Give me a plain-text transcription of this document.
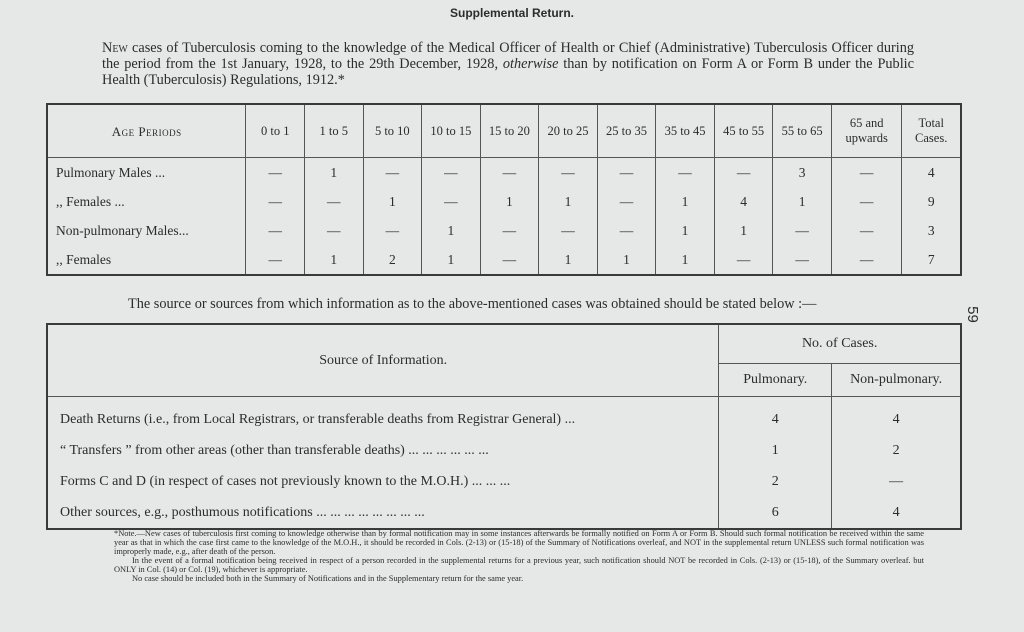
Supplemental Return.
New cases of Tuberculosis coming to the knowledge of the Medical Officer of Health or Chief (Administrative) Tuberculosis Officer during the period from the 1st January, 1928, to the 29th December, 1928, otherwise than by notification on Form A or Form B under the Public Health (Tuberculosis) Regulations, 1912.*
Age Periods	0 to 1	1 to 5	5 to 10	10 to 15	15 to 20	20 to 25	25 to 35	35 to 45	45 to 55	55 to 65	65 and upwards	Total Cases.
Pulmonary Males ...	—	1	—	—	—	—	—	—	—	3	—	4
,, Females ...	—	—	1	—	1	1	—	1	4	1	—	9
Non-pulmonary Males...	—	—	—	1	—	—	—	1	1	—	—	3
,, Females	—	1	2	1	—	1	1	1	—	—	—	7
The source or sources from which information as to the above-mentioned cases was obtained should be stated below :—
59
Source of Information.	No. of Cases.	
	Pulmonary.	Non-pulmonary.
Death Returns (i.e., from Local Registrars, or transferable deaths from Registrar General) ...	4	4
“ Transfers ” from other areas (other than transferable deaths) ... ... ... ... ... ...	1	2
Forms C and D (in respect of cases not previously known to the M.O.H.) ... ... ...	2	—
Other sources, e.g., posthumous notifications ... ... ... ... ... ... ... ...	6	4

*Note.—New cases of tuberculosis first coming to knowledge otherwise than by formal notification may in some instances afterwards be formally notified on Form A or Form B. Should such formal notification be received within the same year as that in which the case first came to the knowledge of the M.O.H., it should be recorded in Cols. (2-13) or (15-18) of the Summary of Notifications overleaf, and NOT in the supplemental return UNLESS such formal notification was improperly made, e.g., after death of the person.

In the event of a formal notification being received in respect of a person recorded in the supplemental returns for a previous year, such notification should NOT be recorded in Cols. (2-13) or (15-18), of the Summary overleaf. but ONLY in Col. (14) or Col. (19), whichever is appropriate.

No case should be included both in the Summary of Notifications and in the Supplementary return for the same year.
